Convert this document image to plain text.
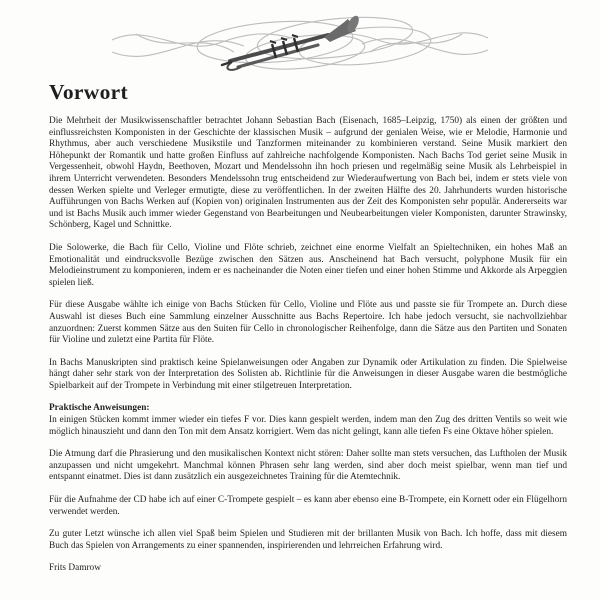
Vorwort

Die Mehrheit der Musikwissenschaftler betrachtet Johann Sebastian Bach (Eisenach, 1685–Leipzig, 1750) als einen der größten und einflussreichsten Komponisten in der Geschichte der klassischen Musik – aufgrund der genialen Weise, wie er Melodie, Harmonie und Rhythmus, aber auch verschiedene Musikstile und Tanzformen miteinander zu kombinieren verstand. Seine Musik markiert den Höhepunkt der Romantik und hatte großen Einfluss auf zahlreiche nachfolgende Komponisten. Nach Bachs Tod geriet seine Musik in Vergessenheit, obwohl Haydn, Beethoven, Mozart und Mendelssohn ihn hoch priesen und regelmäßig seine Musik als Lehrbeispiel in ihrem Unterricht verwendeten. Besonders Mendelssohn trug entscheidend zur Wiederaufwertung von Bach bei, indem er stets viele von dessen Werken spielte und Verleger ermutigte, diese zu veröffentlichen. In der zweiten Hälfte des 20. Jahrhunderts wurden historische Aufführungen von Bachs Werken auf (Kopien von) originalen Instrumenten aus der Zeit des Komponisten sehr populär. Andererseits war und ist Bachs Musik auch immer wieder Gegenstand von Bearbeitungen und Neubearbeitungen vieler Komponisten, darunter Strawinsky, Schönberg, Kagel und Schnittke.

Die Solowerke, die Bach für Cello, Violine und Flöte schrieb, zeichnet eine enorme Vielfalt an Spieltechniken, ein hohes Maß an Emotionalität und eindrucksvolle Bezüge zwischen den Sätzen aus. Anscheinend hat Bach versucht, polyphone Musik für ein Melodieinstrument zu komponieren, indem er es nacheinander die Noten einer tiefen und einer hohen Stimme und Akkorde als Arpeggien spielen ließ.

Für diese Ausgabe wählte ich einige von Bachs Stücken für Cello, Violine und Flöte aus und passte sie für Trompete an. Durch diese Auswahl ist dieses Buch eine Sammlung einzelner Ausschnitte aus Bachs Repertoire. Ich habe jedoch versucht, sie nachvollziehbar anzuordnen: Zuerst kommen Sätze aus den Suiten für Cello in chronologischer Reihenfolge, dann die Sätze aus den Partiten und Sonaten für Violine und zuletzt eine Partita für Flöte.

In Bachs Manuskripten sind praktisch keine Spielanweisungen oder Angaben zur Dynamik oder Artikulation zu finden. Die Spielweise hängt daher sehr stark von der Interpretation des Solisten ab. Richtlinie für die Anweisungen in dieser Ausgabe waren die bestmögliche Spielbarkeit auf der Trompete in Verbindung mit einer stilgetreuen Interpretation.

Praktische Anweisungen:

In einigen Stücken kommt immer wieder ein tiefes F vor. Dies kann gespielt werden, indem man den Zug des dritten Ventils so weit wie möglich hinauszieht und dann den Ton mit dem Ansatz korrigiert. Wem das nicht gelingt, kann alle tiefen Fs eine Oktave höher spielen.

Die Atmung darf die Phrasierung und den musikalischen Kontext nicht stören: Daher sollte man stets versuchen, das Luftholen der Musik anzupassen und nicht umgekehrt. Manchmal können Phrasen sehr lang werden, sind aber doch meist spielbar, wenn man tief und entspannt einatmet. Dies ist dann zusätzlich ein ausgezeichnetes Training für die Atemtechnik.

Für die Aufnahme der CD habe ich auf einer C-Trompete gespielt – es kann aber ebenso eine B-Trompete, ein Kornett oder ein Flügelhorn verwendet werden.

Zu guter Letzt wünsche ich allen viel Spaß beim Spielen und Studieren mit der brillanten Musik von Bach. Ich hoffe, dass mit diesem Buch das Spielen von Arrangements zu einer spannenden, inspirierenden und lehrreichen Erfahrung wird.

Frits Damrow
